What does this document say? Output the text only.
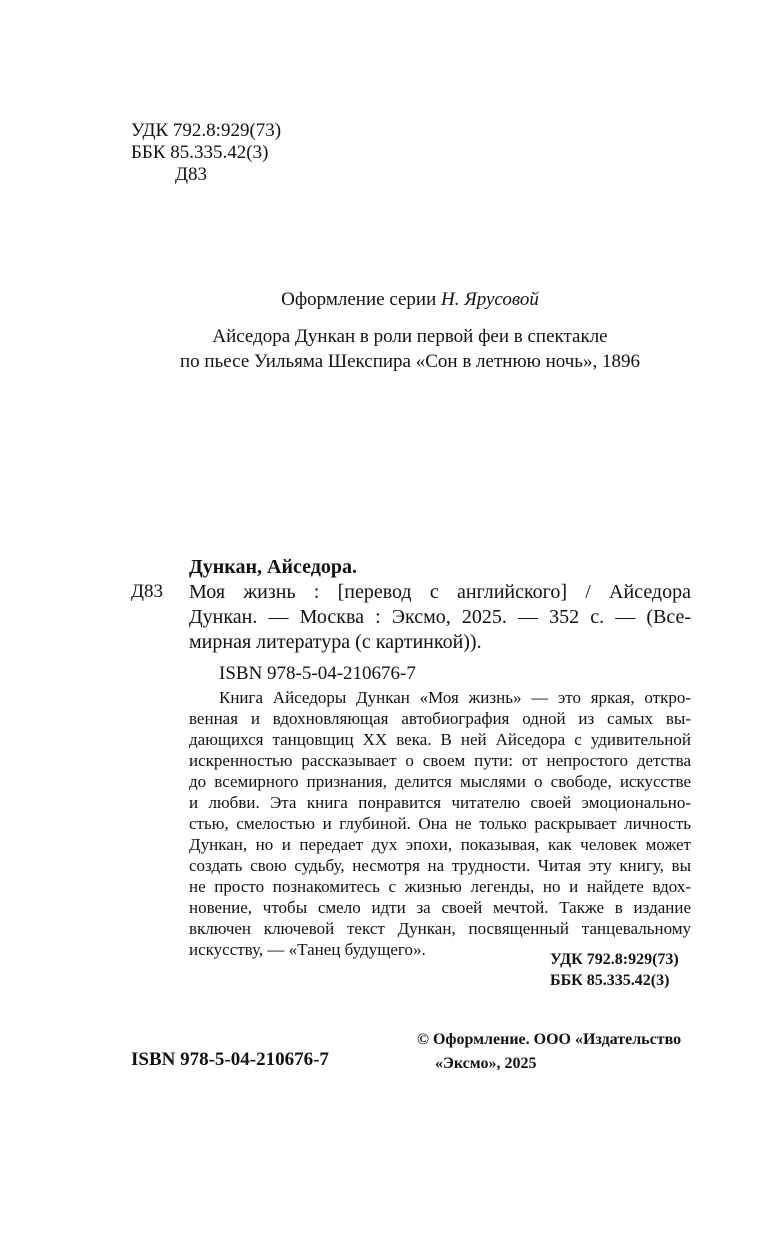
УДК 792.8:929(73)
ББК 85.335.42(3)
Д83
Оформление серии Н. Ярусовой
Айседора Дункан в роли первой феи в спектакле
по пьесе Уильяма Шекспира «Сон в летнюю ночь», 1896
Дункан, Айседора.
Д83 Моя жизнь : [перевод с английского] / Айседора
Дункан. — Москва : Эксмо, 2025. — 352 с. — (Все-
мирная литература (с картинкой)).
ISBN 978-5-04-210676-7
Книга Айседоры Дункан «Моя жизнь» — это яркая, откро-
венная и вдохновляющая автобиография одной из самых вы-
дающихся танцовщиц XX века. В ней Айседора с удивительной
искренностью рассказывает о своем пути: от непростого детства
до всемирного признания, делится мыслями о свободе, искусстве
и любви. Эта книга понравится читателю своей эмоционально-
стью, смелостью и глубиной. Она не только раскрывает личность
Дункан, но и передает дух эпохи, показывая, как человек может
создать свою судьбу, несмотря на трудности. Читая эту книгу, вы
не просто познакомитесь с жизнью легенды, но и найдете вдох-
новение, чтобы смело идти за своей мечтой. Также в издание
включен ключевой текст Дункан, посвященный танцевальному
искусству, — «Танец будущего».
УДК 792.8:929(73)
ББК 85.335.42(3)
© Оформление. ООО «Издательство
«Эксмо», 2025
ISBN 978-5-04-210676-7
